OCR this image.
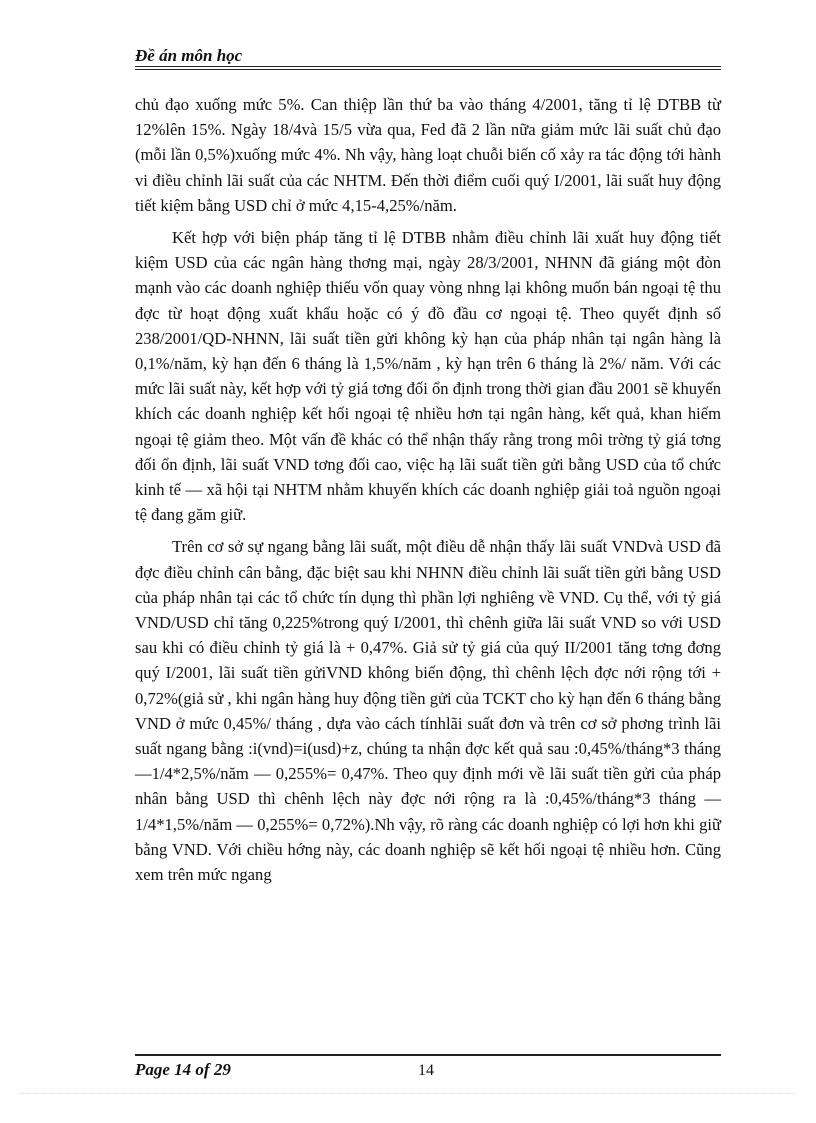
Đề án môn học

chủ đạo xuống mức 5%. Can thiệp lần thứ ba vào tháng 4/2001, tăng tỉ lệ DTBB từ 12%lên 15%. Ngày 18/4và 15/5 vừa qua, Fed đã 2 lần nữa giảm mức lãi suất chủ đạo (mỗi lần 0,5%)xuống mức 4%. Nh vậy, hàng loạt chuỗi biến cố xảy ra tác động tới hành vi điều chỉnh lãi suất của các NHTM. Đến thời điểm cuối quý I/2001, lãi suất huy động tiết kiệm bằng USD chỉ ở mức 4,15-4,25%/năm.

Kết hợp với biện pháp tăng tỉ lệ DTBB nhằm điều chỉnh lãi xuất huy động tiết kiệm USD của các ngân hàng thơng mại, ngày 28/3/2001, NHNN đã giáng một đòn mạnh vào các doanh nghiệp thiếu vốn quay vòng nhng lại không muốn bán ngoại tệ thu đợc từ hoạt động xuất khẩu hoặc có ý đồ đầu cơ ngoại tệ. Theo quyết định số 238/2001/QD-NHNN, lãi suất tiền gửi không kỳ hạn của pháp nhân tại ngân hàng là 0,1%/năm, kỳ hạn đến 6 tháng là 1,5%/năm , kỳ hạn trên 6 tháng là 2%/ năm. Với các mức lãi suất này, kết hợp với tỷ giá tơng đối ổn định trong thời gian đầu 2001 sẽ khuyến khích các doanh nghiệp kết hối ngoại tệ nhiều hơn tại ngân hàng, kết quả, khan hiếm ngoại tệ giảm theo. Một vấn đề khác có thể nhận thấy rằng trong môi trờng tỷ giá tơng đối ổn định, lãi suất VND tơng đối cao, việc hạ lãi suất tiền gửi bằng USD của tổ chức kinh tế — xã hội tại NHTM nhằm khuyến khích các doanh nghiệp giải toả nguồn ngoại tệ đang găm giữ.

Trên cơ sở sự ngang bằng lãi suất, một điều dễ nhận thấy lãi suất VNDvà USD đã đợc điều chỉnh cân bằng, đặc biệt sau khi NHNN điều chỉnh lãi suất tiền gửi bằng USD của pháp nhân tại các tổ chức tín dụng thì phần lợi nghiêng về VND. Cụ thể, với tỷ giá VND/USD chỉ tăng 0,225%trong quý I/2001, thì chênh giữa lãi suất VND so với USD sau khi có điều chỉnh tỷ giá là + 0,47%. Giả sử tỷ giá của quý II/2001 tăng tơng đơng quý I/2001, lãi suất tiền gửiVND không biến động, thì chênh lệch đợc nới rộng tới + 0,72%(giả sử , khi ngân hàng huy động tiền gửi của TCKT cho kỳ hạn đến 6 tháng bằng VND ở mức 0,45%/ tháng , dựa vào cách tínhlãi suất đơn và trên cơ sở phơng trình lãi suất ngang bằng :i(vnd)=i(usd)+z, chúng ta nhận đợc kết quả sau :0,45%/tháng*3 tháng —1/4*2,5%/năm — 0,255%= 0,47%. Theo quy định mới về lãi suất tiền gửi của pháp nhân bằng USD thì chênh lệch này đợc nới rộng ra là :0,45%/tháng*3 tháng —1/4*1,5%/năm — 0,255%= 0,72%).Nh vậy, rõ ràng các doanh nghiệp có lợi hơn khi giữ bằng VND. Với chiều hớng này, các doanh nghiệp sẽ kết hối ngoại tệ nhiều hơn. Cũng xem trên mức ngang

Page 14 of 29	14
